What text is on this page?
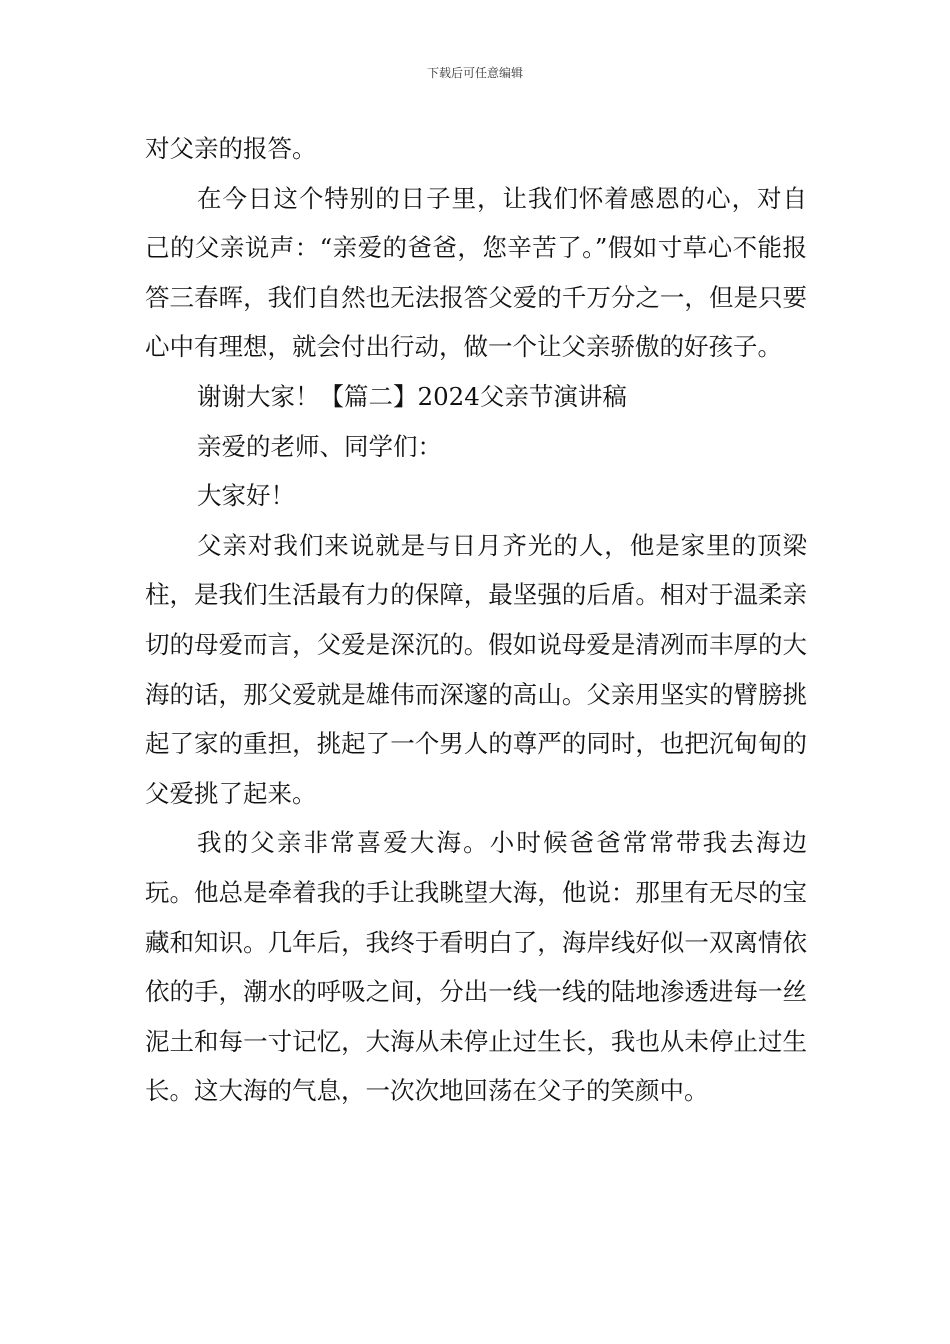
下载后可任意编辑

对父亲的报答。

在今日这个特别的日子里，让我们怀着感恩的心，对自己的父亲说声：“亲爱的爸爸，您辛苦了。”假如寸草心不能报答三春晖，我们自然也无法报答父爱的千万分之一，但是只要心中有理想，就会付出行动，做一个让父亲骄傲的好孩子。

谢谢大家！【篇二】2024父亲节演讲稿

亲爱的老师、同学们：

大家好！

父亲对我们来说就是与日月齐光的人，他是家里的顶梁柱，是我们生活最有力的保障，最坚强的后盾。相对于温柔亲切的母爱而言，父爱是深沉的。假如说母爱是清冽而丰厚的大海的话，那父爱就是雄伟而深邃的高山。父亲用坚实的臂膀挑起了家的重担，挑起了一个男人的尊严的同时，也把沉甸甸的父爱挑了起来。

我的父亲非常喜爱大海。小时候爸爸常常带我去海边玩。他总是牵着我的手让我眺望大海，他说：那里有无尽的宝藏和知识。几年后，我终于看明白了，海岸线好似一双离情依依的手，潮水的呼吸之间，分出一线一线的陆地渗透进每一丝泥土和每一寸记忆，大海从未停止过生长，我也从未停止过生长。这大海的气息，一次次地回荡在父子的笑颜中。
